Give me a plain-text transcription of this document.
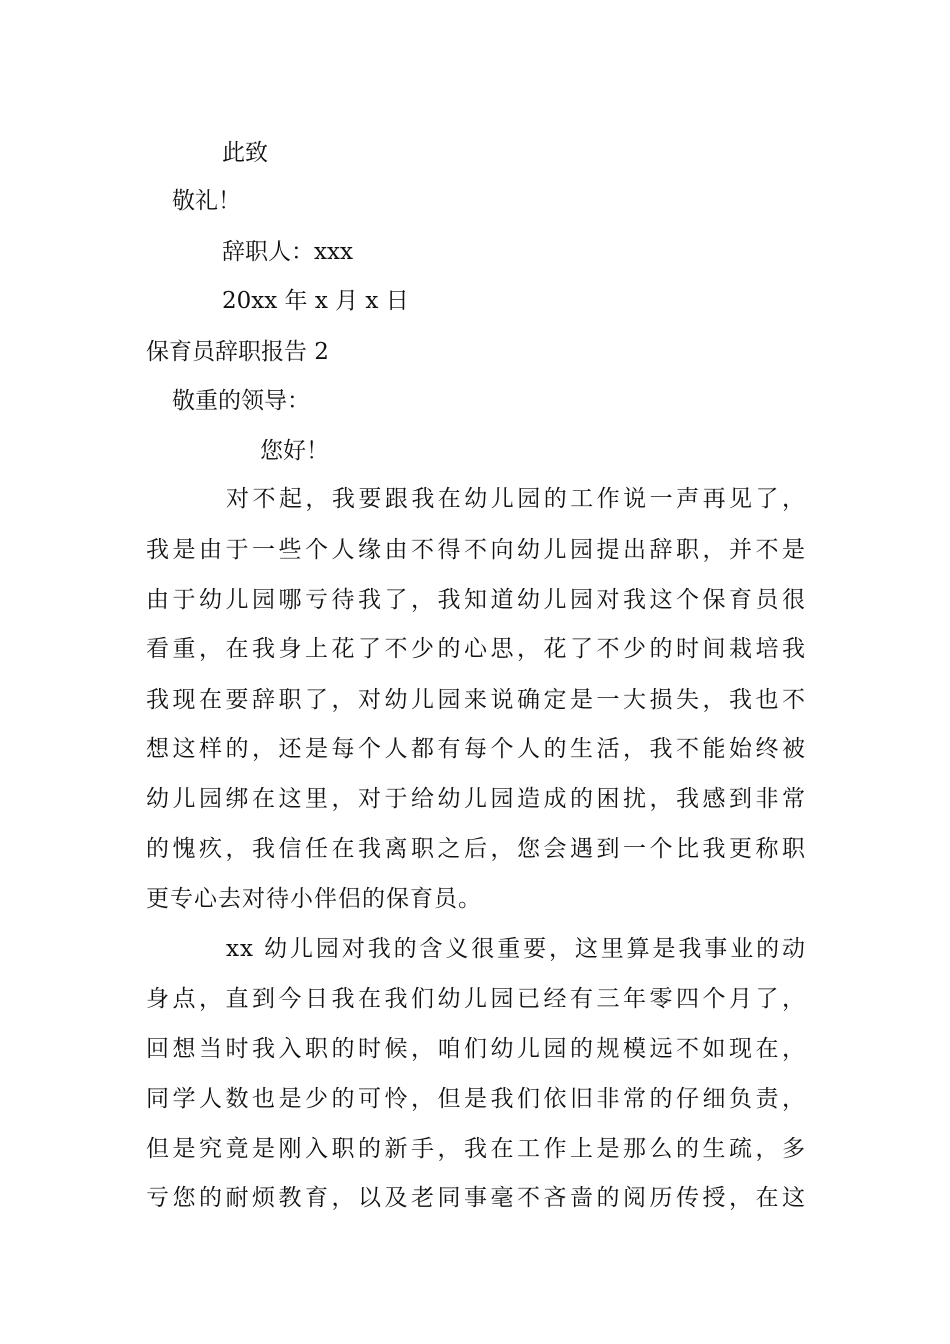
此致
敬礼！
辞职人：xxx
20xx 年 x 月 x 日
保育员辞职报告 2
敬重的领导：
您好！
对不起，我要跟我在幼儿园的工作说一声再见了，
我是由于一些个人缘由不得不向幼儿园提出辞职，并不是
由于幼儿园哪亏待我了，我知道幼儿园对我这个保育员很
看重，在我身上花了不少的心思，花了不少的时间栽培我
我现在要辞职了，对幼儿园来说确定是一大损失，我也不
想这样的，还是每个人都有每个人的生活，我不能始终被
幼儿园绑在这里，对于给幼儿园造成的困扰，我感到非常
的愧疚，我信任在我离职之后，您会遇到一个比我更称职
更专心去对待小伴侣的保育员。
xx 幼儿园对我的含义很重要，这里算是我事业的动
身点，直到今日我在我们幼儿园已经有三年零四个月了，
回想当时我入职的时候，咱们幼儿园的规模远不如现在，
同学人数也是少的可怜，但是我们依旧非常的仔细负责，
但是究竟是刚入职的新手，我在工作上是那么的生疏，多
亏您的耐烦教育，以及老同事毫不吝啬的阅历传授，在这
